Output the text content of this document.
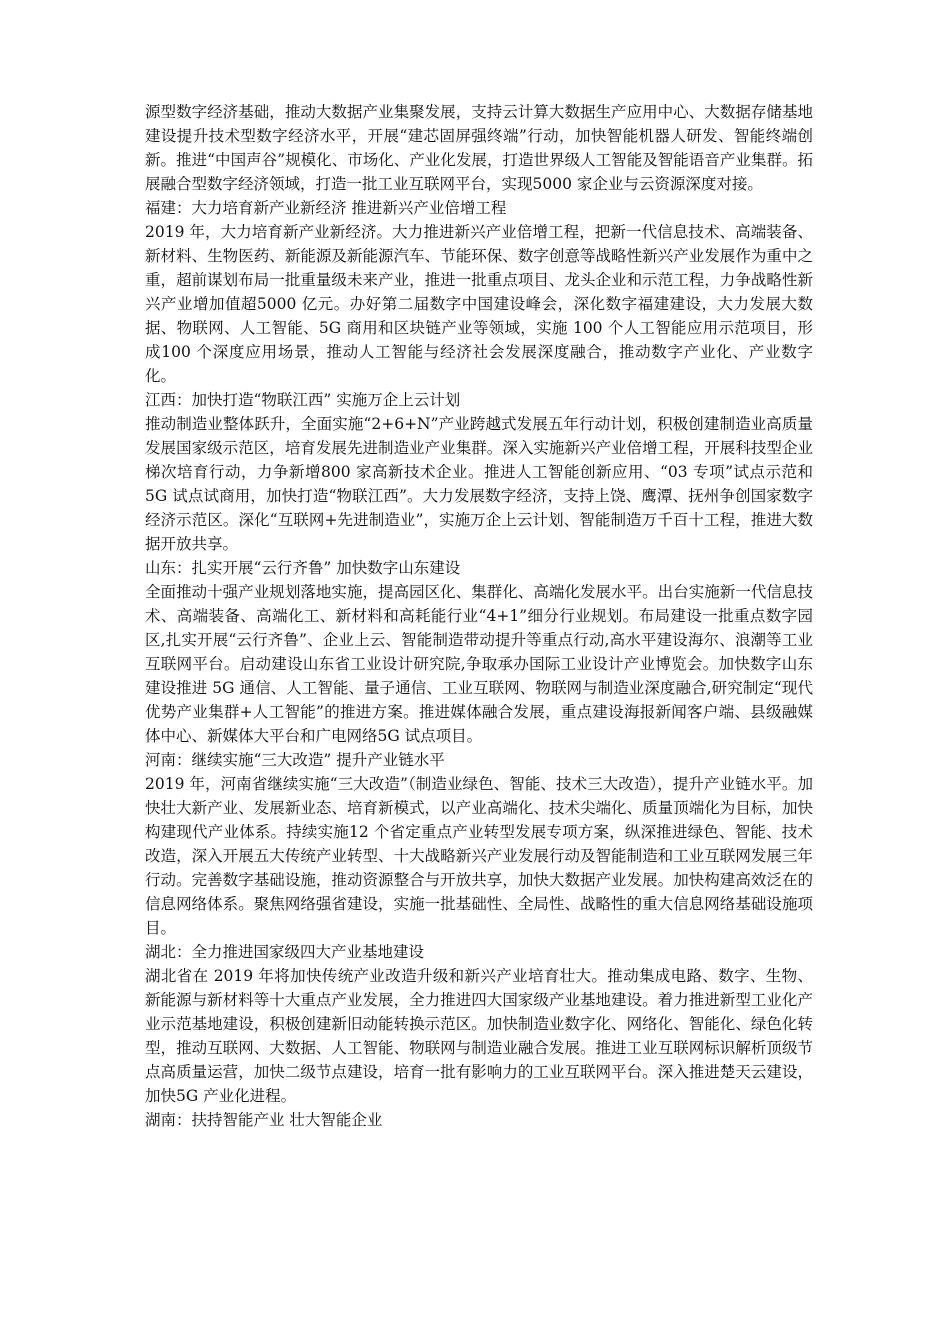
源型数字经济基础，推动大数据产业集聚发展，支持云计算大数据生产应用中心、大数据存储基地建设提升技术型数字经济水平，开展“建芯固屏强终端”行动，加快智能机器人研发、智能终端创新。推进“中国声谷”规模化、市场化、产业化发展，打造世界级人工智能及智能语音产业集群。拓展融合型数字经济领域，打造一批工业互联网平台，实现5000 家企业与云资源深度对接。

福建：大力培育新产业新经济 推进新兴产业倍增工程

2019 年，大力培育新产业新经济。大力推进新兴产业倍增工程，把新一代信息技术、高端装备、新材料、生物医药、新能源及新能源汽车、节能环保、数字创意等战略性新兴产业发展作为重中之重，超前谋划布局一批重量级未来产业，推进一批重点项目、龙头企业和示范工程，力争战略性新兴产业增加值超5000 亿元。办好第二届数字中国建设峰会，深化数字福建建设，大力发展大数据、物联网、人工智能、5G 商用和区块链产业等领域，实施 100 个人工智能应用示范项目，形成100 个深度应用场景，推动人工智能与经济社会发展深度融合，推动数字产业化、产业数字化。

江西：加快打造“物联江西” 实施万企上云计划

推动制造业整体跃升，全面实施“2+6+N”产业跨越式发展五年行动计划，积极创建制造业高质量发展国家级示范区，培育发展先进制造业产业集群。深入实施新兴产业倍增工程，开展科技型企业梯次培育行动，力争新增800 家高新技术企业。推进人工智能创新应用、“03 专项”试点示范和 5G 试点试商用，加快打造“物联江西”。大力发展数字经济，支持上饶、鹰潭、抚州争创国家数字经济示范区。深化“互联网+先进制造业”，实施万企上云计划、智能制造万千百十工程，推进大数据开放共享。

山东：扎实开展“云行齐鲁” 加快数字山东建设

全面推动十强产业规划落地实施，提高园区化、集群化、高端化发展水平。出台实施新一代信息技术、高端装备、高端化工、新材料和高耗能行业“4+1”细分行业规划。布局建设一批重点数字园区,扎实开展“云行齐鲁”、企业上云、智能制造带动提升等重点行动,高水平建设海尔、浪潮等工业互联网平台。启动建设山东省工业设计研究院,争取承办国际工业设计产业博览会。加快数字山东建设推进 5G 通信、人工智能、量子通信、工业互联网、物联网与制造业深度融合,研究制定“现代优势产业集群+人工智能”的推进方案。推进媒体融合发展，重点建设海报新闻客户端、县级融媒体中心、新媒体大平台和广电网络5G 试点项目。

河南：继续实施“三大改造” 提升产业链水平

2019 年，河南省继续实施“三大改造”（制造业绿色、智能、技术三大改造），提升产业链水平。加快壮大新产业、发展新业态、培育新模式，以产业高端化、技术尖端化、质量顶端化为目标，加快构建现代产业体系。持续实施12 个省定重点产业转型发展专项方案，纵深推进绿色、智能、技术改造，深入开展五大传统产业转型、十大战略新兴产业发展行动及智能制造和工业互联网发展三年行动。完善数字基础设施，推动资源整合与开放共享，加快大数据产业发展。加快构建高效泛在的信息网络体系。聚焦网络强省建设，实施一批基础性、全局性、战略性的重大信息网络基础设施项目。

湖北：全力推进国家级四大产业基地建设

湖北省在 2019 年将加快传统产业改造升级和新兴产业培育壮大。推动集成电路、数字、生物、新能源与新材料等十大重点产业发展，全力推进四大国家级产业基地建设。着力推进新型工业化产业示范基地建设，积极创建新旧动能转换示范区。加快制造业数字化、网络化、智能化、绿色化转型，推动互联网、大数据、人工智能、物联网与制造业融合发展。推进工业互联网标识解析顶级节点高质量运营，加快二级节点建设，培育一批有影响力的工业互联网平台。深入推进楚天云建设，加快5G 产业化进程。

湖南：扶持智能产业 壮大智能企业
